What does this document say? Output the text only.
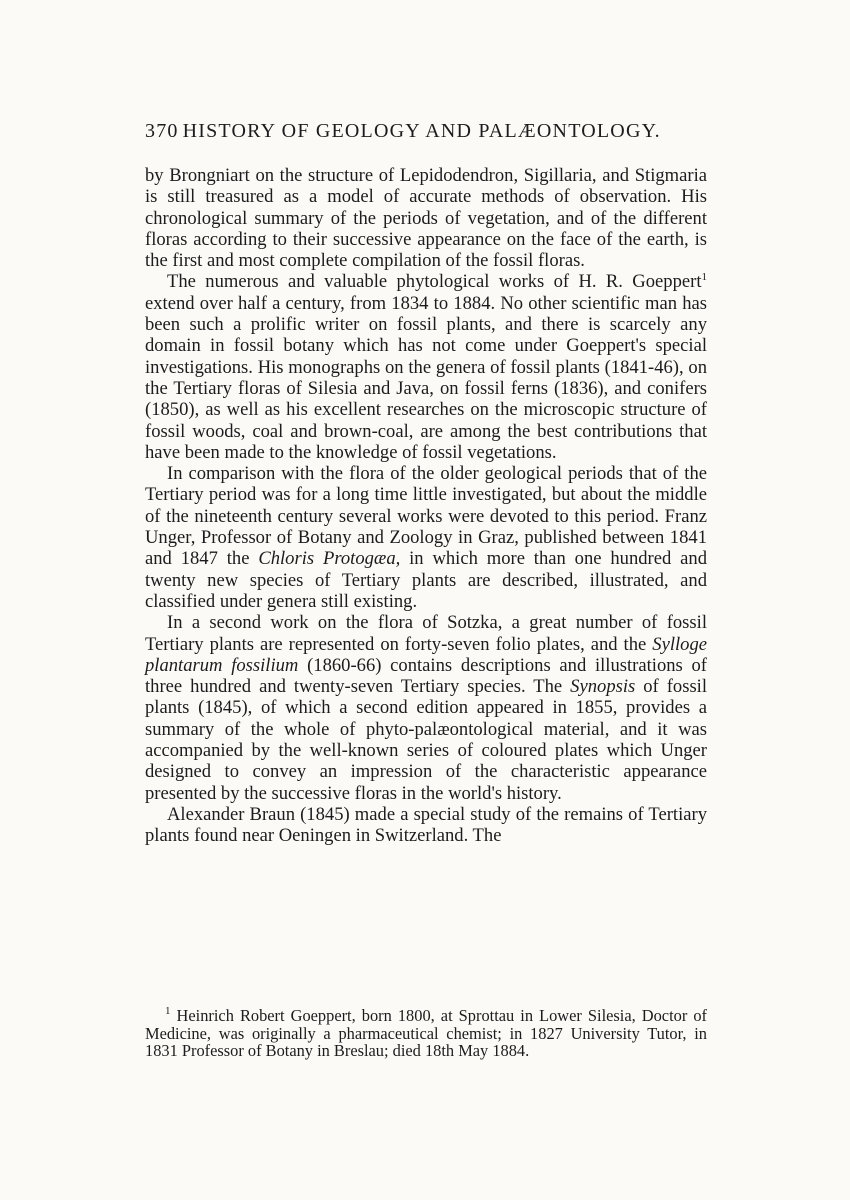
370 HISTORY OF GEOLOGY AND PALÆONTOLOGY.

by Brongniart on the structure of Lepidodendron, Sigillaria, and Stigmaria is still treasured as a model of accurate methods of observation. His chronological summary of the periods of vegetation, and of the different floras according to their successive appearance on the face of the earth, is the first and most complete compilation of the fossil floras.

The numerous and valuable phytological works of H. R. Goeppert$^1$ extend over half a century, from 1834 to 1884. No other scientific man has been such a prolific writer on fossil plants, and there is scarcely any domain in fossil botany which has not come under Goeppert's special investigations. His monographs on the genera of fossil plants (1841-46), on the Tertiary floras of Silesia and Java, on fossil ferns (1836), and conifers (1850), as well as his excellent researches on the microscopic structure of fossil woods, coal and brown-coal, are among the best contributions that have been made to the knowledge of fossil vegetations.

In comparison with the flora of the older geological periods that of the Tertiary period was for a long time little investigated, but about the middle of the nineteenth century several works were devoted to this period. Franz Unger, Professor of Botany and Zoology in Graz, published between 1841 and 1847 the Chloris Protogæa, in which more than one hundred and twenty new species of Tertiary plants are described, illustrated, and classified under genera still existing.

In a second work on the flora of Sotzka, a great number of fossil Tertiary plants are represented on forty-seven folio plates, and the Sylloge plantarum fossilium (1860-66) contains descriptions and illustrations of three hundred and twenty-seven Tertiary species. The Synopsis of fossil plants (1845), of which a second edition appeared in 1855, provides a summary of the whole of phyto-palæontological material, and it was accompanied by the well-known series of coloured plates which Unger designed to convey an impression of the characteristic appearance presented by the successive floras in the world's history.

Alexander Braun (1845) made a special study of the remains of Tertiary plants found near Oeningen in Switzerland. The

$^1$ Heinrich Robert Goeppert, born 1800, at Sprottau in Lower Silesia, Doctor of Medicine, was originally a pharmaceutical chemist; in 1827 University Tutor, in 1831 Professor of Botany in Breslau; died 18th May 1884.
